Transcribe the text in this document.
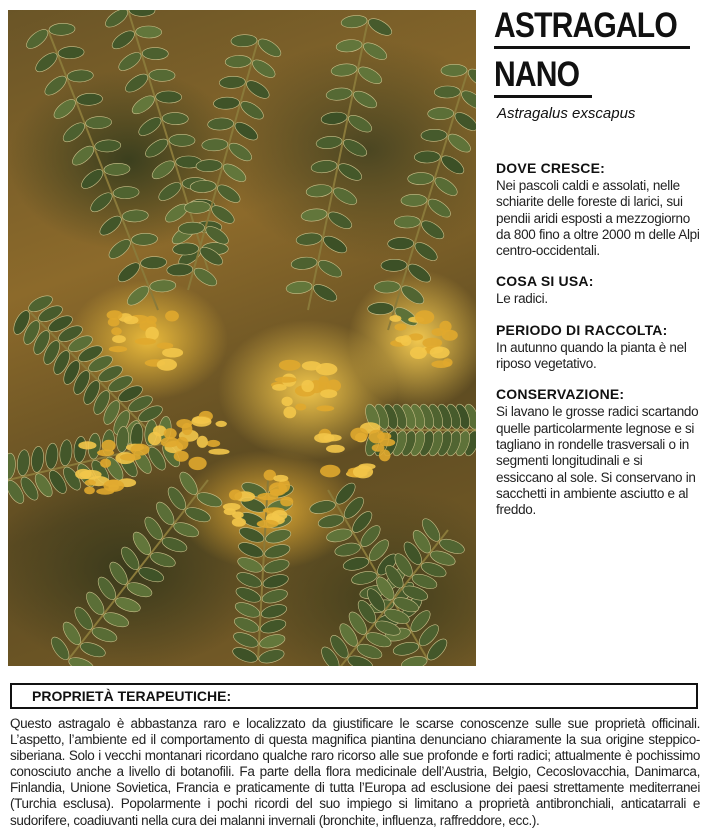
ASTRAGALO
NANO
Astragalus exscapus
DOVE CRESCE:

Nei pascoli caldi e assolati, nelle schiarite delle foreste di larici, sui pendii aridi esposti a mezzogiorno da 800 fino a oltre 2000 m delle Alpi centro-occidentali.

COSA SI USA:

Le radici.

PERIODO DI RACCOLTA:

In autunno quando la pianta è nel riposo vegetativo.

CONSERVAZIONE:

Si lavano le grosse radici scartando quelle particolarmente legnose e si tagliano in rondelle trasversali o in segmenti longitudinali e si essiccano al sole. Si conservano in sacchetti in ambiente asciutto e al freddo.

PROPRIETÀ TERAPEUTICHE:
Questo astragalo è abbastanza raro e localizzato da giustificare le scarse conoscenze sulle sue proprietà officinali. L’aspetto, l’ambiente ed il comportamento di questa magnifica piantina denunciano chiaramente la sua origine steppico-siberiana. Solo i vecchi montanari ricordano qualche raro ricorso alle sue profonde e forti radici; attualmente è pochissimo conosciuto anche a livello di botanofili. Fa parte della flora medicinale dell’Austria, Belgio, Cecoslovacchia, Danimarca, Finlandia, Unione Sovietica, Francia e praticamente di tutta l’Europa ad esclusione dei paesi strettamente mediterranei (Turchia esclusa). Popolarmente i pochi ricordi del suo impiego si limitano a proprietà antibronchiali, anticatarrali e sudorifere, coadiuvanti nella cura dei malanni invernali (bronchite, influenza, raffreddore, ecc.).
